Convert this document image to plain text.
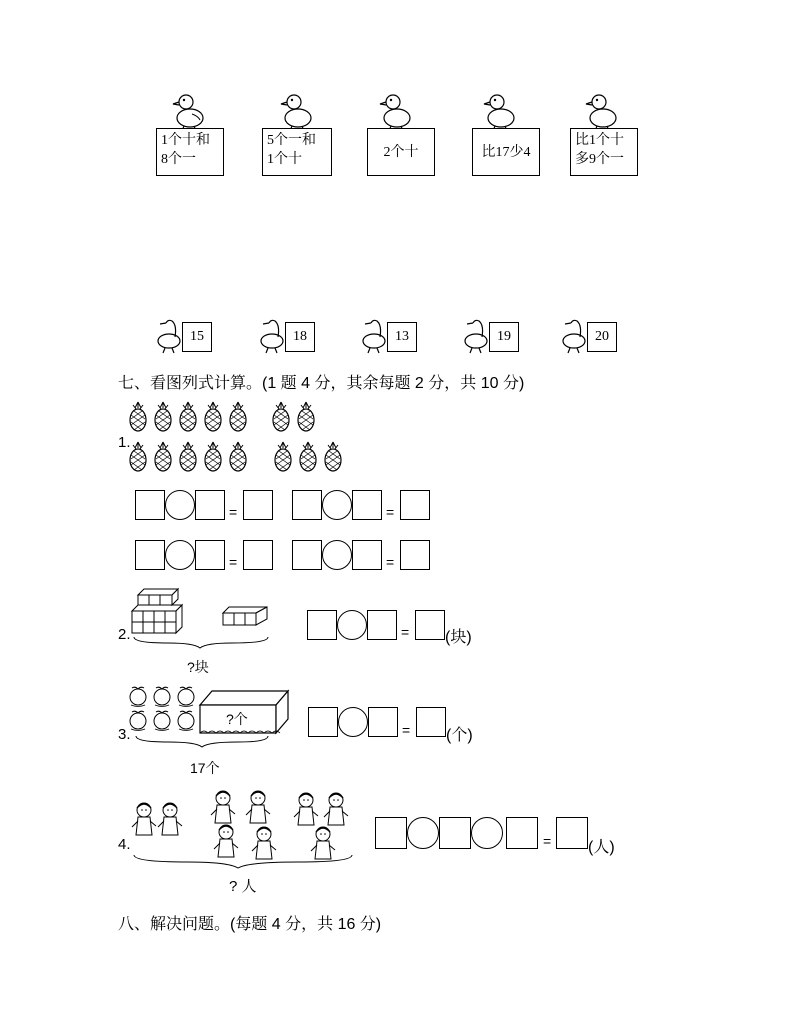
1个十和
8个一
5个一和
1个十	2个十	比17少4
比1个十
多9个一
15	18	13	19	20
七、看图列式计算。(1 题 4 分，其余每题 2 分，共 10 分)
1.
=	=
=	=
2.
?块
= (块)
3.
?个
17个
= (个)
4.
? 人
= (人)
八、解决问题。(每题 4 分，共 16 分)
